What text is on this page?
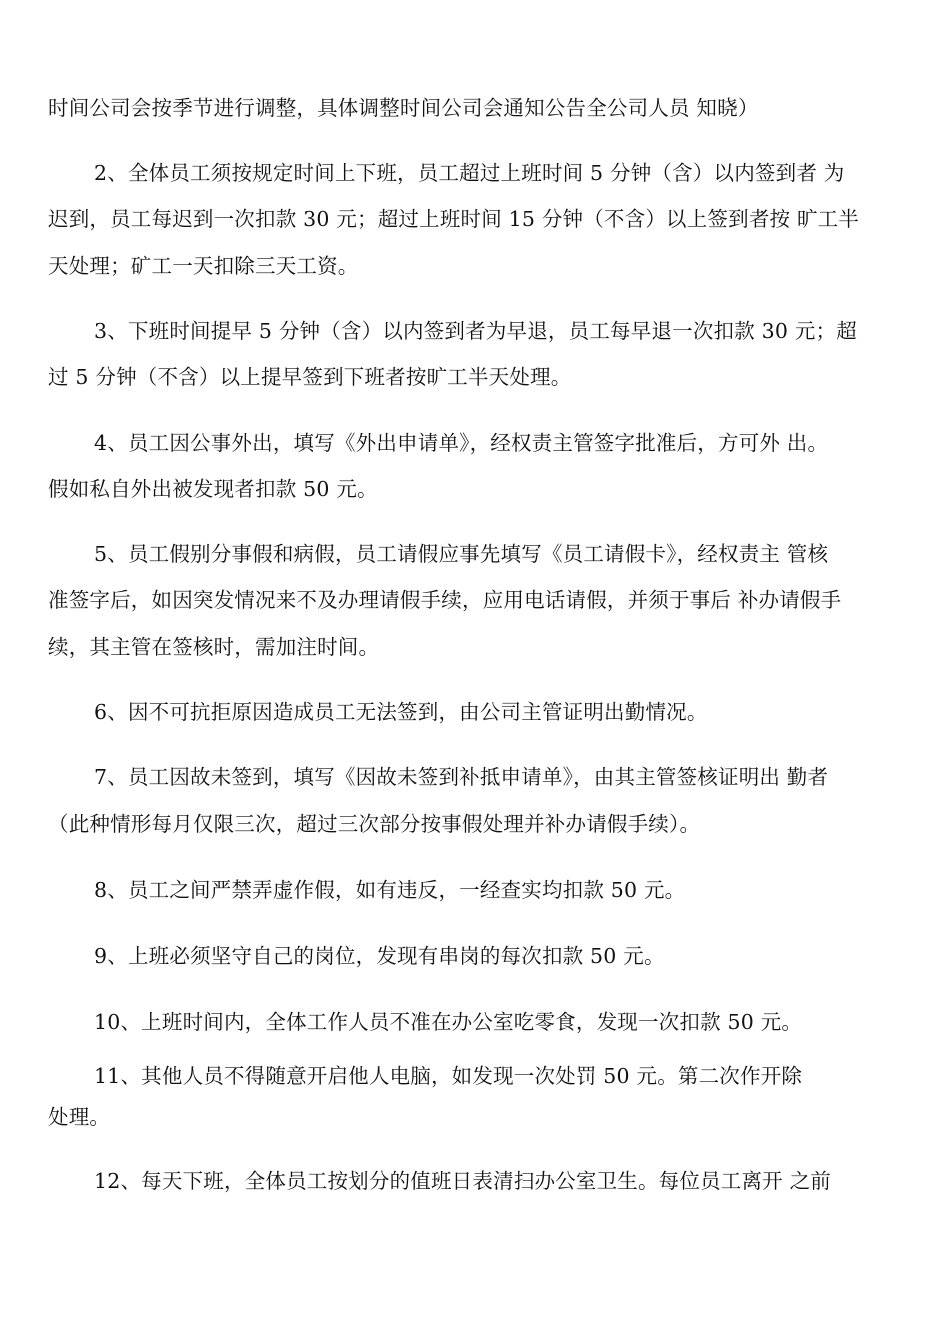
时间公司会按季节进行调整，具体调整时间公司会通知公告全公司人员 知晓）
2、全体员工须按规定时间上下班，员工超过上班时间 5 分钟（含）以内签到者 为
迟到，员工每迟到一次扣款 30 元；超过上班时间 15 分钟（不含）以上签到者按 旷工半
天处理；矿工一天扣除三天工资。
3、下班时间提早 5 分钟（含）以内签到者为早退，员工每早退一次扣款 30 元；超
过 5 分钟（不含）以上提早签到下班者按旷工半天处理。
4、员工因公事外出，填写《外出申请单》，经权责主管签字批准后，方可外 出。
假如私自外出被发现者扣款 50 元。
5、员工假别分事假和病假，员工请假应事先填写《员工请假卡》，经权责主 管核
准签字后，如因突发情况来不及办理请假手续，应用电话请假，并须于事后 补办请假手
续，其主管在签核时，需加注时间。
6、因不可抗拒原因造成员工无法签到，由公司主管证明出勤情况。
7、员工因故未签到，填写《因故未签到补抵申请单》，由其主管签核证明出 勤者
（此种情形每月仅限三次，超过三次部分按事假处理并补办请假手续）。
8、员工之间严禁弄虚作假，如有违反，一经查实均扣款 50 元。
9、上班必须坚守自己的岗位，发现有串岗的每次扣款 50 元。
10、上班时间内，全体工作人员不准在办公室吃零食，发现一次扣款 50 元。
11、其他人员不得随意开启他人电脑，如发现一次处罚 50 元。第二次作开除
处理。
12、每天下班，全体员工按划分的值班日表清扫办公室卫生。每位员工离开 之前
